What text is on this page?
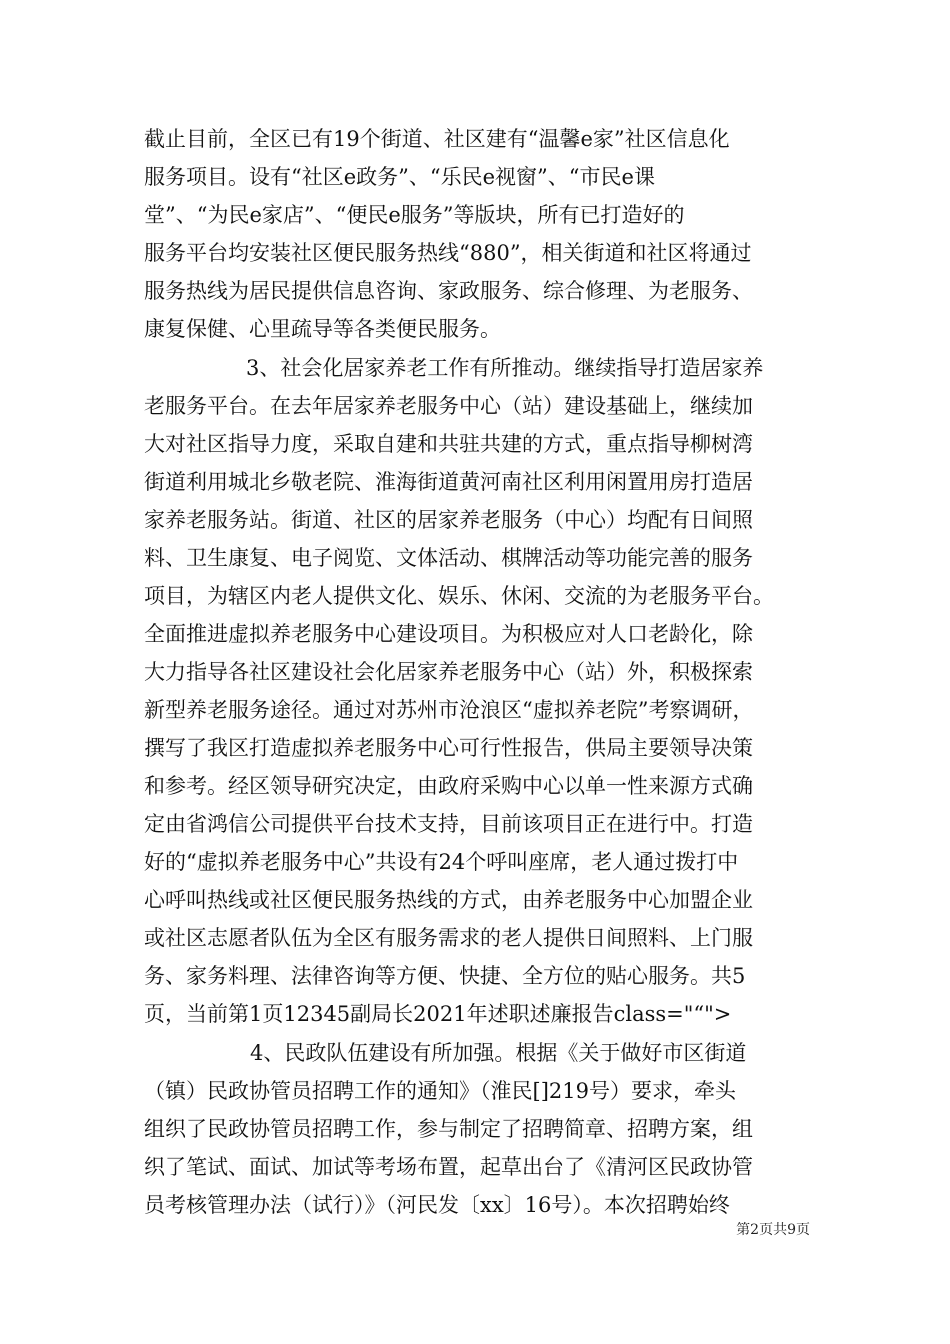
截止目前，全区已有19个街道、社区建有“温馨e家”社区信息化
服务项目。设有“社区e政务”、“乐民e视窗”、“市民e课
堂”、“为民e家店”、“便民e服务”等版块，所有已打造好的
服务平台均安装社区便民服务热线“880”，相关街道和社区将通过
服务热线为居民提供信息咨询、家政服务、综合修理、为老服务、
康复保健、心里疏导等各类便民服务。
3、社会化居家养老工作有所推动。继续指导打造居家养
老服务平台。在去年居家养老服务中心（站）建设基础上，继续加
大对社区指导力度，采取自建和共驻共建的方式，重点指导柳树湾
街道利用城北乡敬老院、淮海街道黄河南社区利用闲置用房打造居
家养老服务站。街道、社区的居家养老服务（中心）均配有日间照
料、卫生康复、电子阅览、文体活动、棋牌活动等功能完善的服务
项目，为辖区内老人提供文化、娱乐、休闲、交流的为老服务平台。
全面推进虚拟养老服务中心建设项目。为积极应对人口老龄化，除
大力指导各社区建设社会化居家养老服务中心（站）外，积极探索
新型养老服务途径。通过对苏州市沧浪区“虚拟养老院”考察调研，
撰写了我区打造虚拟养老服务中心可行性报告，供局主要领导决策
和参考。经区领导研究决定，由政府采购中心以单一性来源方式确
定由省鸿信公司提供平台技术支持，目前该项目正在进行中。打造
好的“虚拟养老服务中心”共设有24个呼叫座席，老人通过拨打中
心呼叫热线或社区便民服务热线的方式，由养老服务中心加盟企业
或社区志愿者队伍为全区有服务需求的老人提供日间照料、上门服
务、家务料理、法律咨询等方便、快捷、全方位的贴心服务。共5
页，当前第1页12345副局长2021年述职述廉报告class="“">
4、民政队伍建设有所加强。根据《关于做好市区街道
（镇）民政协管员招聘工作的通知》（淮民[]219号）要求，牵头
组织了民政协管员招聘工作，参与制定了招聘简章、招聘方案，组
织了笔试、面试、加试等考场布置，起草出台了《清河区民政协管
员考核管理办法（试行）》（河民发〔xx〕16号）。本次招聘始终
第2页共9页
